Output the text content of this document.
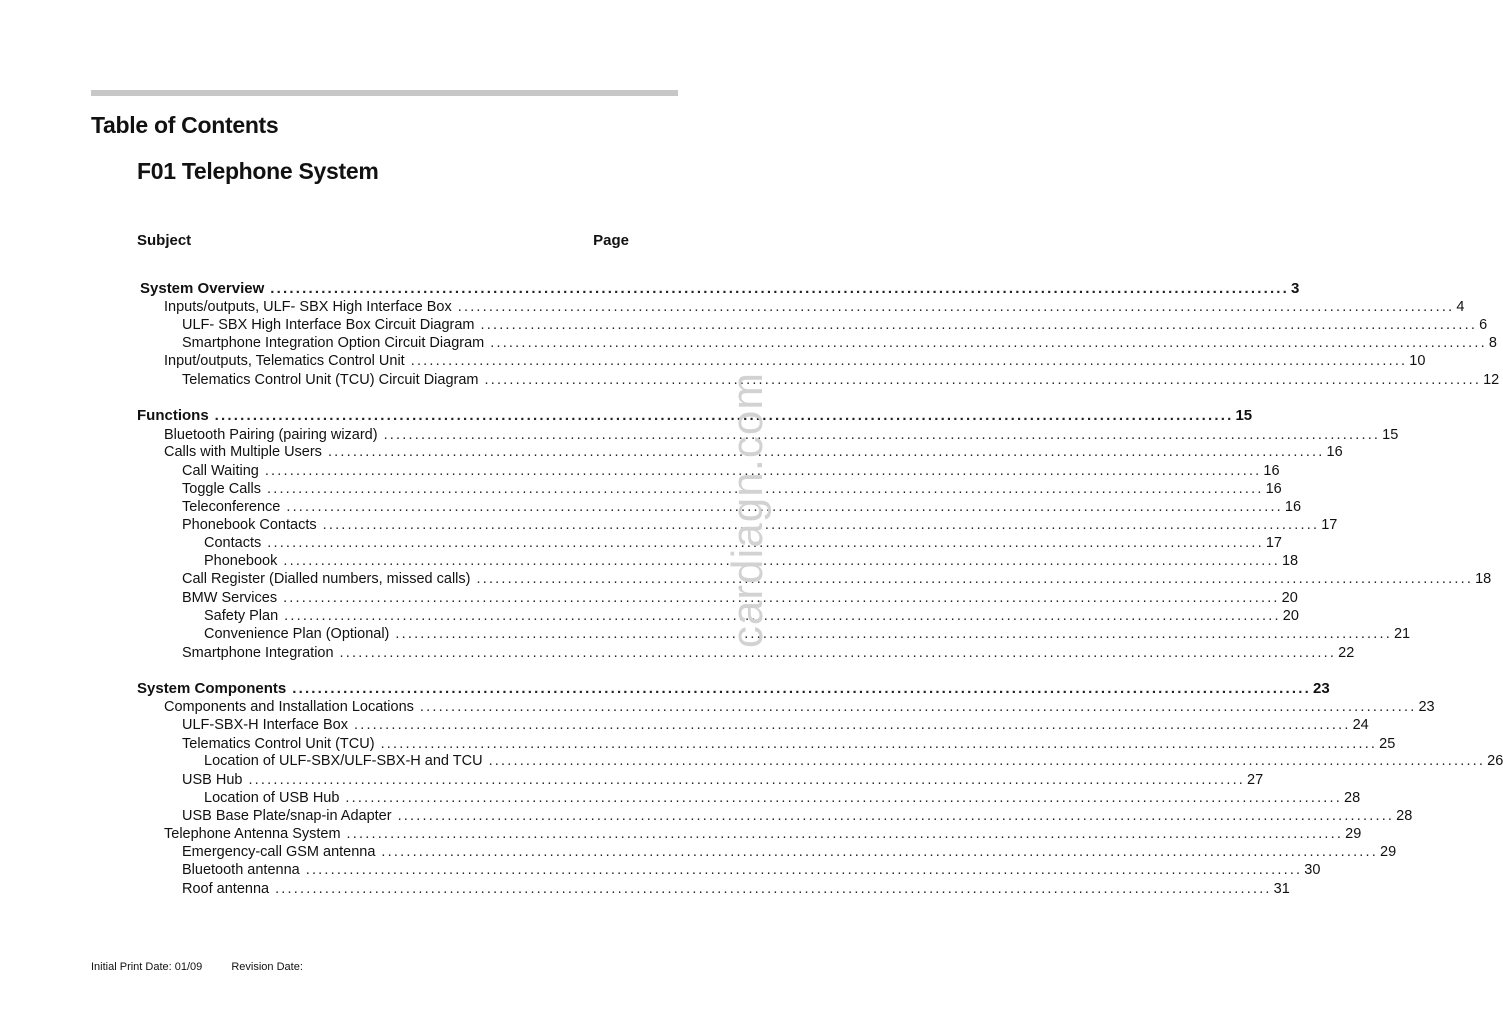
Table of Contents
F01 Telephone System
Subject	Page
System Overview ................................................................................................................................................................ 3
Inputs/outputs, ULF- SBX High Interface Box ................................................................................................................................................................ 4
ULF- SBX High Interface Box Circuit Diagram ................................................................................................................................................................ 6
Smartphone Integration Option Circuit Diagram ................................................................................................................................................................ 8
Input/outputs, Telematics Control Unit ................................................................................................................................................................ 10
Telematics Control Unit (TCU) Circuit Diagram ................................................................................................................................................................ 12
Functions ................................................................................................................................................................ 15
Bluetooth Pairing (pairing wizard) ................................................................................................................................................................ 15
Calls with Multiple Users ................................................................................................................................................................ 16
Call Waiting ................................................................................................................................................................ 16
Toggle Calls ................................................................................................................................................................ 16
Teleconference ................................................................................................................................................................ 16
Phonebook Contacts ................................................................................................................................................................ 17
Contacts ................................................................................................................................................................ 17
Phonebook ................................................................................................................................................................ 18
Call Register (Dialled numbers, missed calls) ................................................................................................................................................................ 18
BMW Services ................................................................................................................................................................ 20
Safety Plan ................................................................................................................................................................ 20
Convenience Plan (Optional) ................................................................................................................................................................ 21
Smartphone Integration ................................................................................................................................................................ 22
System Components ................................................................................................................................................................ 23
Components and Installation Locations ................................................................................................................................................................ 23
ULF-SBX-H Interface Box ................................................................................................................................................................ 24
Telematics Control Unit (TCU) ................................................................................................................................................................ 25
Location of ULF-SBX/ULF-SBX-H and TCU ................................................................................................................................................................ 26
USB Hub ................................................................................................................................................................ 27
Location of USB Hub ................................................................................................................................................................ 28
USB Base Plate/snap-in Adapter ................................................................................................................................................................ 28
Telephone Antenna System ................................................................................................................................................................ 29
Emergency-call GSM antenna ................................................................................................................................................................ 29
Bluetooth antenna ................................................................................................................................................................ 30
Roof antenna ................................................................................................................................................................ 31
Initial Print Date: 01/09	Revision Date:
cardiagn.com
